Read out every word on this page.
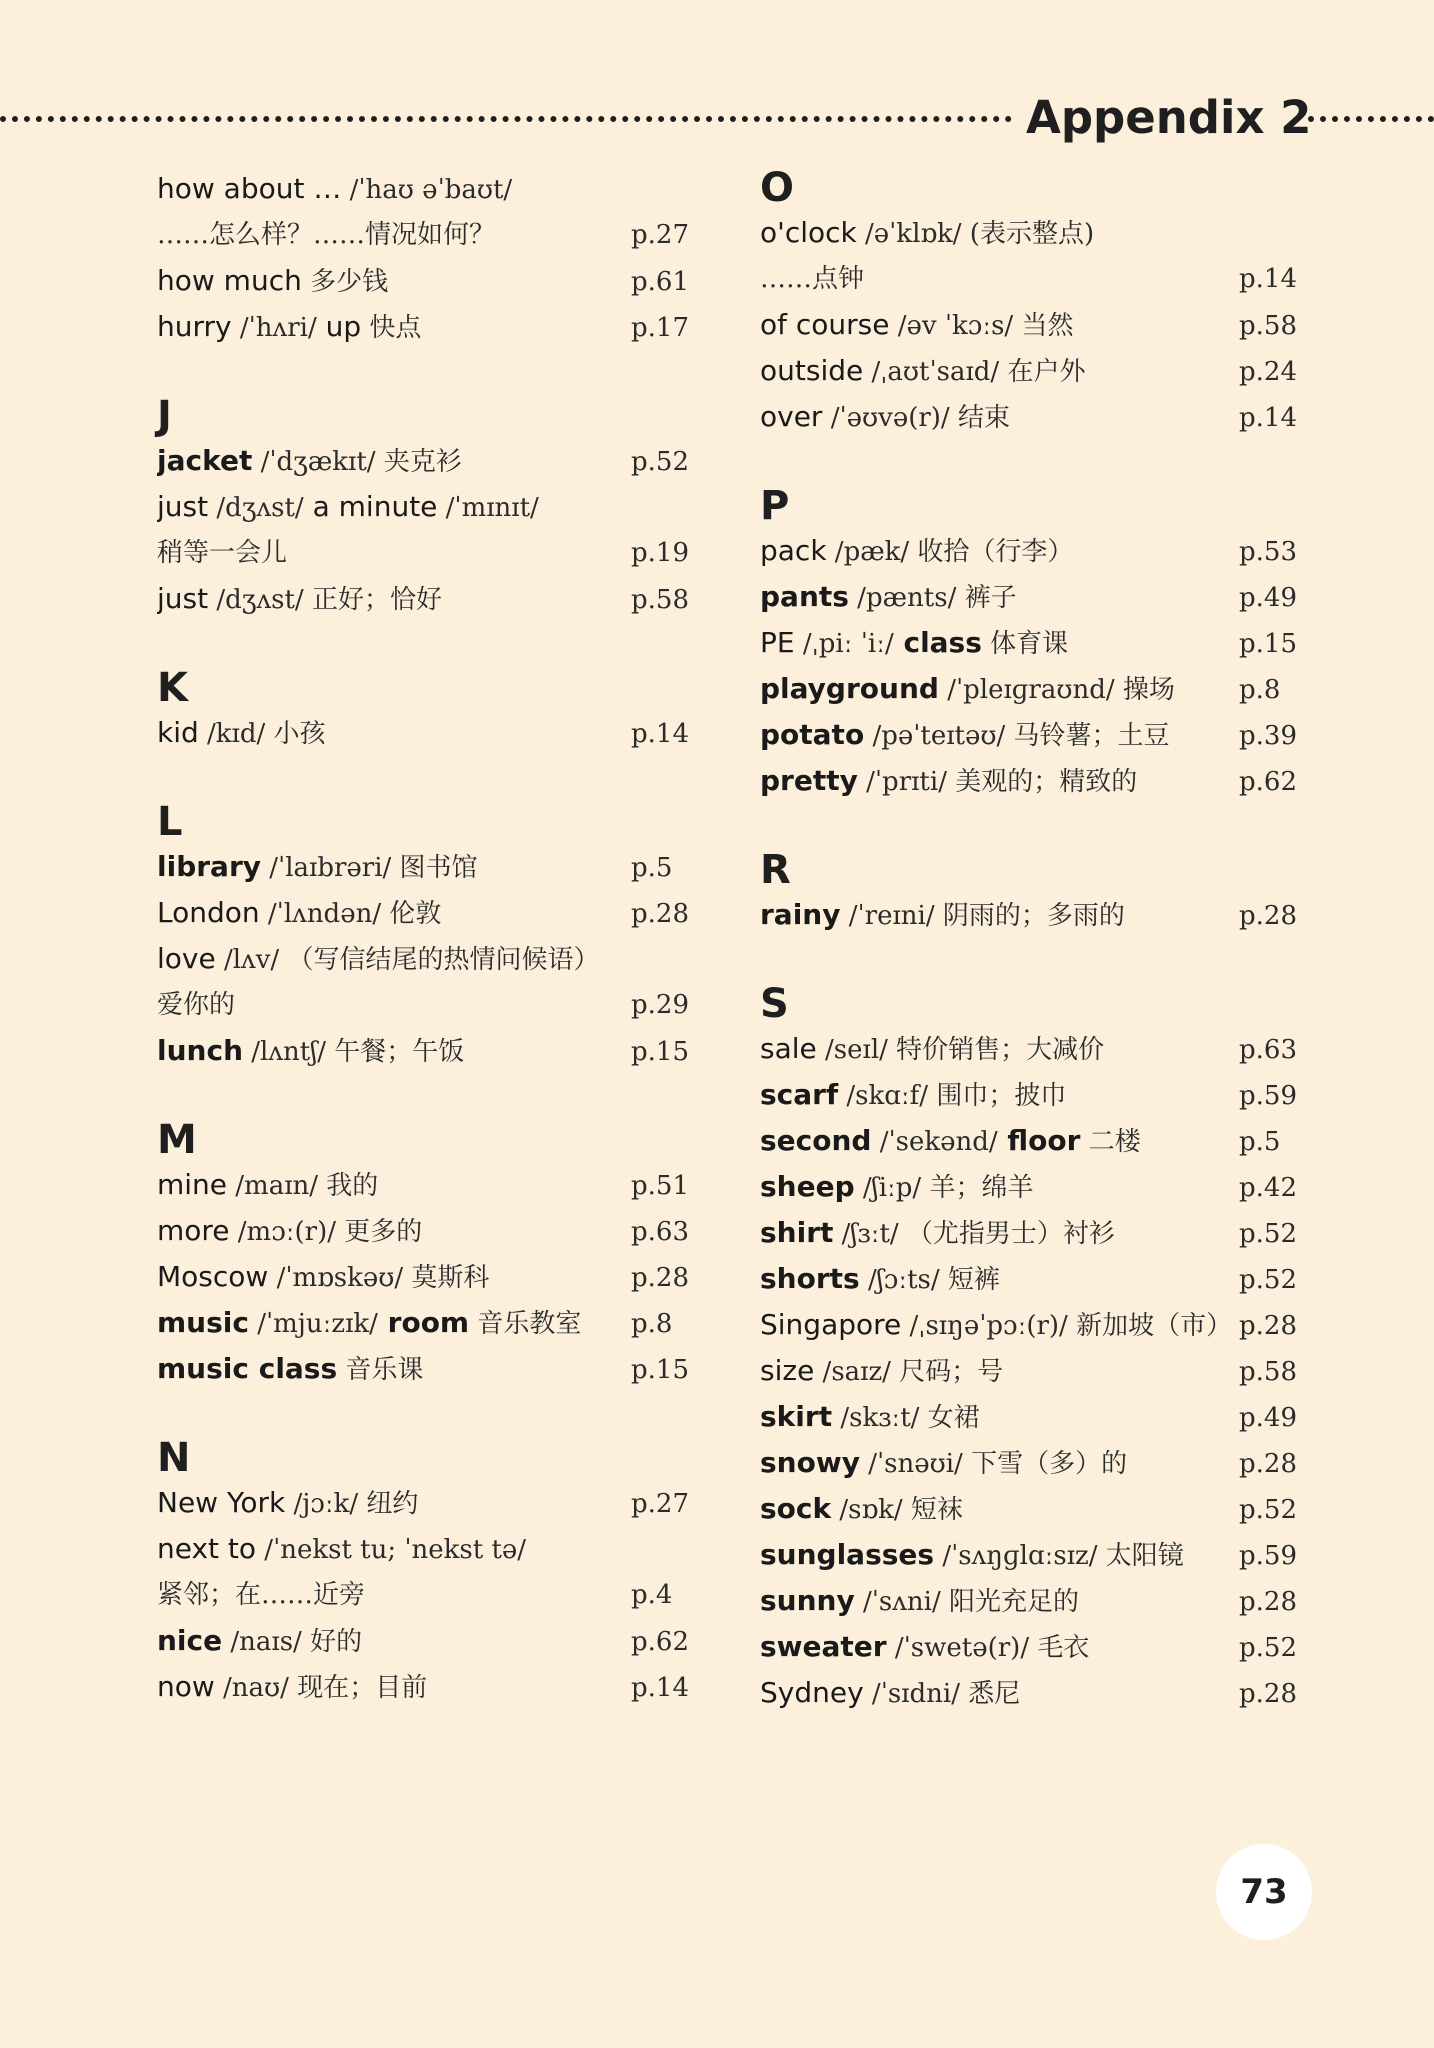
Appendix 2
how about … /ˈhaʊ əˈbaʊt/
……怎么样？……情况如何？	p.27
how much 多少钱	p.61
hurry /ˈhʌri/ up 快点	p.17
J
jacket /ˈdʒækɪt/ 夹克衫	p.52
just /dʒʌst/ a minute /ˈmɪnɪt/
稍等一会儿	p.19
just /dʒʌst/ 正好；恰好	p.58
K
kid /kɪd/ 小孩	p.14
L
library /ˈlaɪbrəri/ 图书馆	p.5
London /ˈlʌndən/ 伦敦	p.28
love /lʌv/ （写信结尾的热情问候语）
爱你的	p.29
lunch /lʌntʃ/ 午餐；午饭	p.15
M
mine /maɪn/ 我的	p.51
more /mɔː(r)/ 更多的	p.63
Moscow /ˈmɒskəʊ/ 莫斯科	p.28
music /ˈmjuːzɪk/ room 音乐教室	p.8
music class 音乐课	p.15
N
New York /jɔːk/ 纽约	p.27
next to /ˈnekst tu; ˈnekst tə/
紧邻；在……近旁	p.4
nice /naɪs/ 好的	p.62
now /naʊ/ 现在；目前	p.14
O
o'clock /əˈklɒk/ (表示整点)
……点钟	p.14
of course /əv ˈkɔːs/ 当然	p.58
outside /ˌaʊtˈsaɪd/ 在户外	p.24
over /ˈəʊvə(r)/ 结束	p.14
P
pack /pæk/ 收拾（行李）	p.53
pants /pænts/ 裤子	p.49
PE /ˌpiː ˈiː/ class 体育课	p.15
playground /ˈpleɪɡraʊnd/ 操场	p.8
potato /pəˈteɪtəʊ/ 马铃薯；土豆	p.39
pretty /ˈprɪti/ 美观的；精致的	p.62
R
rainy /ˈreɪni/ 阴雨的；多雨的	p.28
S
sale /seɪl/ 特价销售；大减价	p.63
scarf /skɑːf/ 围巾；披巾	p.59
second /ˈsekənd/ floor 二楼	p.5
sheep /ʃiːp/ 羊；绵羊	p.42
shirt /ʃɜːt/ （尤指男士）衬衫	p.52
shorts /ʃɔːts/ 短裤	p.52
Singapore /ˌsɪŋəˈpɔː(r)/ 新加坡（市） p.28
size /saɪz/ 尺码；号	p.58
skirt /skɜːt/ 女裙	p.49
snowy /ˈsnəʊi/ 下雪（多）的	p.28
sock /sɒk/ 短袜	p.52
sunglasses /ˈsʌŋɡlɑːsɪz/ 太阳镜	p.59
sunny /ˈsʌni/ 阳光充足的	p.28
sweater /ˈswetə(r)/ 毛衣	p.52
Sydney /ˈsɪdni/ 悉尼	p.28
73
